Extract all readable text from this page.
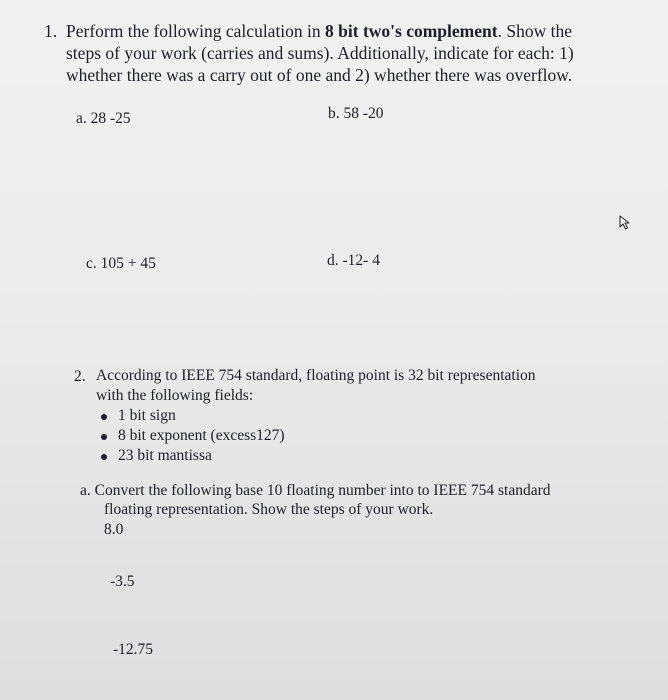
1. Perform the following calculation in 8 bit two's complement. Show the
steps of your work (carries and sums). Additionally, indicate for each: 1)
whether there was a carry out of one and 2) whether there was overflow.
a. 28 -25	b. 58 -20
c. 105 + 45	d. -12- 4
2. According to IEEE 754 standard, floating point is 32 bit representation
with the following fields:
1 bit sign
8 bit exponent (excess127)
23 bit mantissa
a. Convert the following base 10 floating number into to IEEE 754 standard
floating representation. Show the steps of your work.
8.0
-3.5
-12.75
